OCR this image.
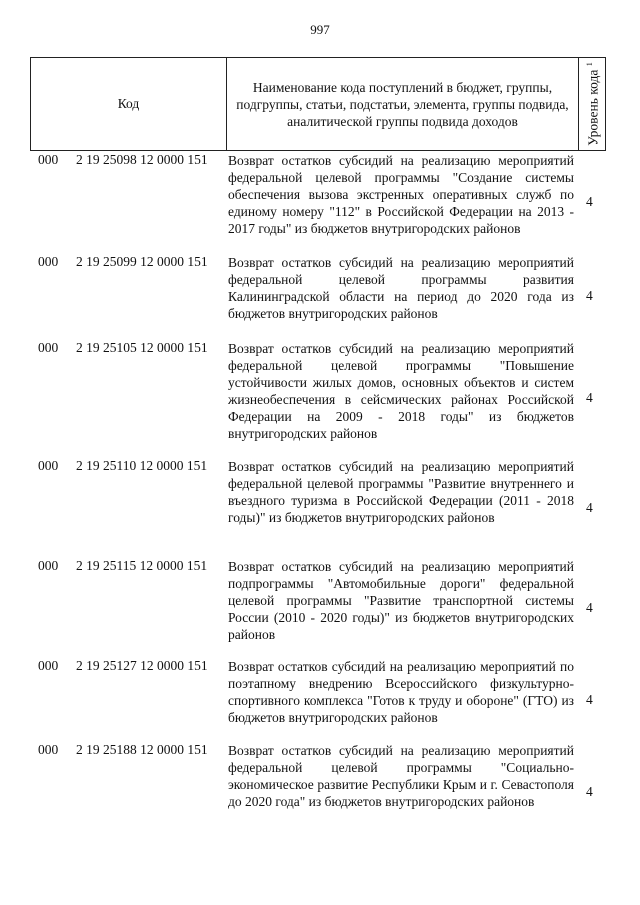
997
Код
Наименование кода поступлений в бюджет, группы, подгруппы, статьи, подстатьи, элемента, группы подвида, аналитической группы подвида доходов	Уровень кода $^1$
000 2 19 25098 12 0000 151 Возврат остатков субсидий на реализацию мероприятий федеральной целевой программы "Создание системы обеспечения вызова экстренных оперативных служб по единому номеру "112" в Российской Федерации на 2013 - 2017 годы" из бюджетов внутригородских районов
4
000 2 19 25099 12 0000 151 Возврат остатков субсидий на реализацию мероприятий федеральной целевой программы развития Калининградской области на период до 2020 года из бюджетов внутригородских районов
4
000 2 19 25105 12 0000 151 Возврат остатков субсидий на реализацию мероприятий федеральной целевой программы "Повышение устойчивости жилых домов, основных объектов и систем жизнеобеспечения в сейсмических районах Российской Федерации на 2009 - 2018 годы" из бюджетов внутригородских районов
4
000 2 19 25110 12 0000 151 Возврат остатков субсидий на реализацию мероприятий федеральной целевой программы "Развитие внутреннего и въездного туризма в Российской Федерации (2011 - 2018 годы)" из бюджетов внутригородских районов
4
000 2 19 25115 12 0000 151 Возврат остатков субсидий на реализацию мероприятий подпрограммы "Автомобильные дороги" федеральной целевой программы "Развитие транспортной системы России (2010 - 2020 годы)" из бюджетов внутригородских районов
4
000 2 19 25127 12 0000 151 Возврат остатков субсидий на реализацию мероприятий по поэтапному внедрению Всероссийского физкультурно-спортивного комплекса "Готов к труду и обороне" (ГТО) из бюджетов внутригородских районов
4
000 2 19 25188 12 0000 151 Возврат остатков субсидий на реализацию мероприятий федеральной целевой программы "Социально-экономическое развитие Республики Крым и г. Севастополя до 2020 года" из бюджетов внутригородских районов
4
